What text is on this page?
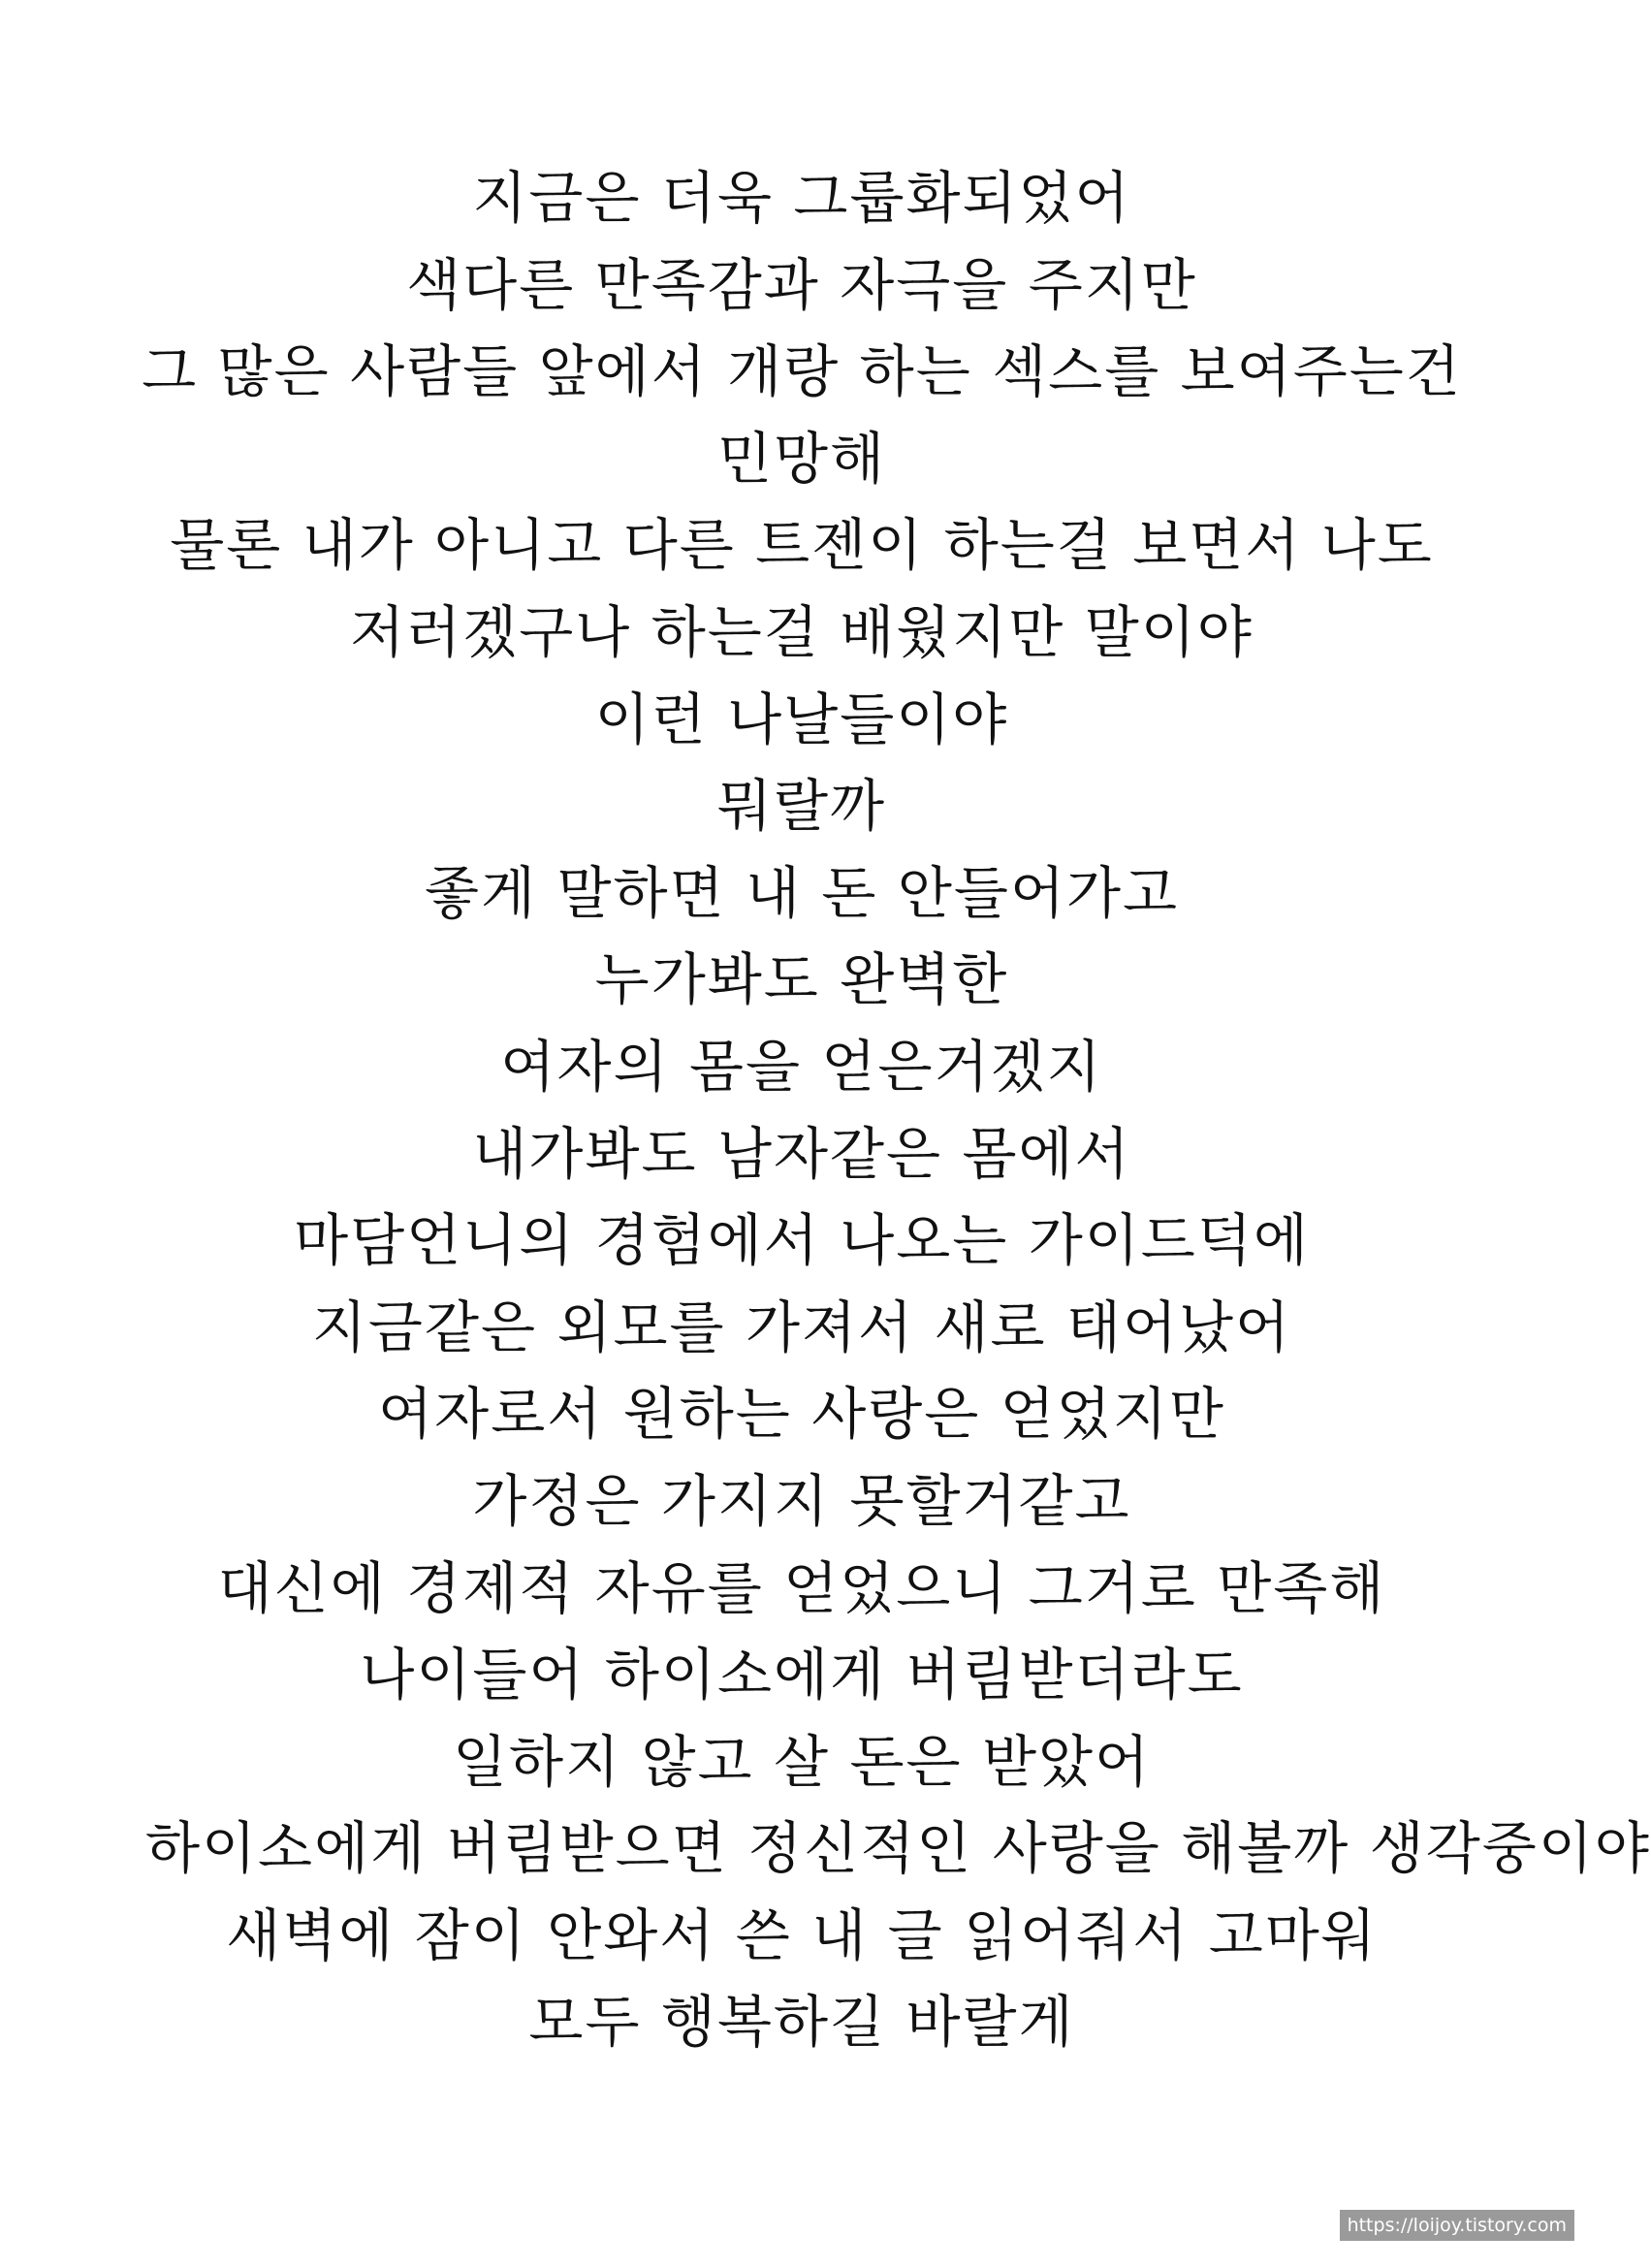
지금은 더욱 그룹화되었어
색다른 만족감과 자극을 주지만
그 많은 사람들 앞에서 개랑 하는 섹스를 보여주는건
민망해
물론 내가 아니고 다른 트젠이 하는걸 보면서 나도
저러겠구나 하는걸 배웠지만 말이야
이런 나날들이야
뭐랄까
좋게 말하면 내 돈 안들어가고
누가봐도 완벽한
여자의 몸을 얻은거겠지
내가봐도 남자같은 몸에서
마담언니의 경험에서 나오는 가이드덕에
지금같은 외모를 가져서 새로 태어났어
여자로서 원하는 사랑은 얻었지만
가정은 가지지 못할거같고
대신에 경제적 자유를 얻었으니 그거로 만족해
나이들어 하이소에게 버림받더라도
일하지 않고 살 돈은 받았어
하이소에게 버림받으면 정신적인 사랑을 해볼까 생각중이야
새벽에 잠이 안와서 쓴 내 글 읽어줘서 고마워
모두 행복하길 바랄게
https://loijoy.tistory.com
